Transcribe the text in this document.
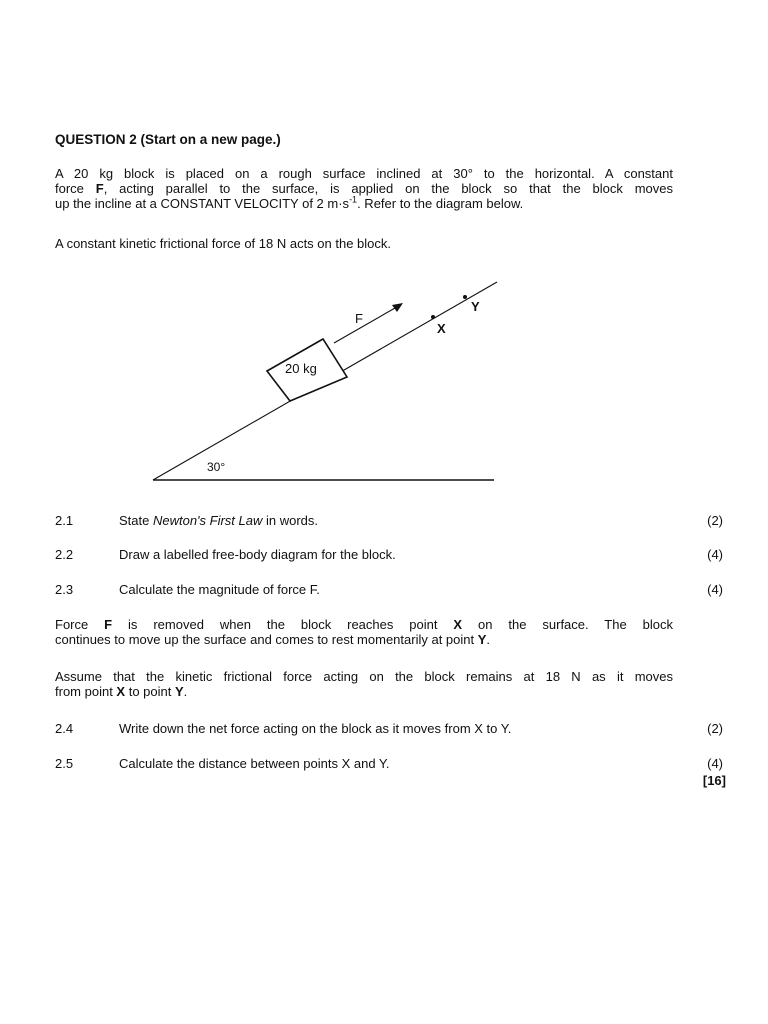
QUESTION 2 (Start on a new page.)

A 20 kg block is placed on a rough surface inclined at 30° to the horizontal. A constant
force F, acting parallel to the surface, is applied on the block so that the block moves
up the incline at a CONSTANT VELOCITY of 2 $m\cdot s^{-1}$. Refer to the diagram below.

A constant kinetic frictional force of 18 N acts on the block.

20 kg
F
X
Y
30°
2.1	State Newton's First Law in words.	(2)
2.2	Draw a labelled free-body diagram for the block.	(4)
2.3	Calculate the magnitude of force F.	(4)
Force F is removed when the block reaches point X on the surface. The block
continues to move up the surface and comes to rest momentarily at point Y.
Assume that the kinetic frictional force acting on the block remains at 18 N as it moves
from point X to point Y.
2.4	Write down the net force acting on the block as it moves from X to Y.	(2)
2.5	Calculate the distance between points X and Y.	(4)

[16]
